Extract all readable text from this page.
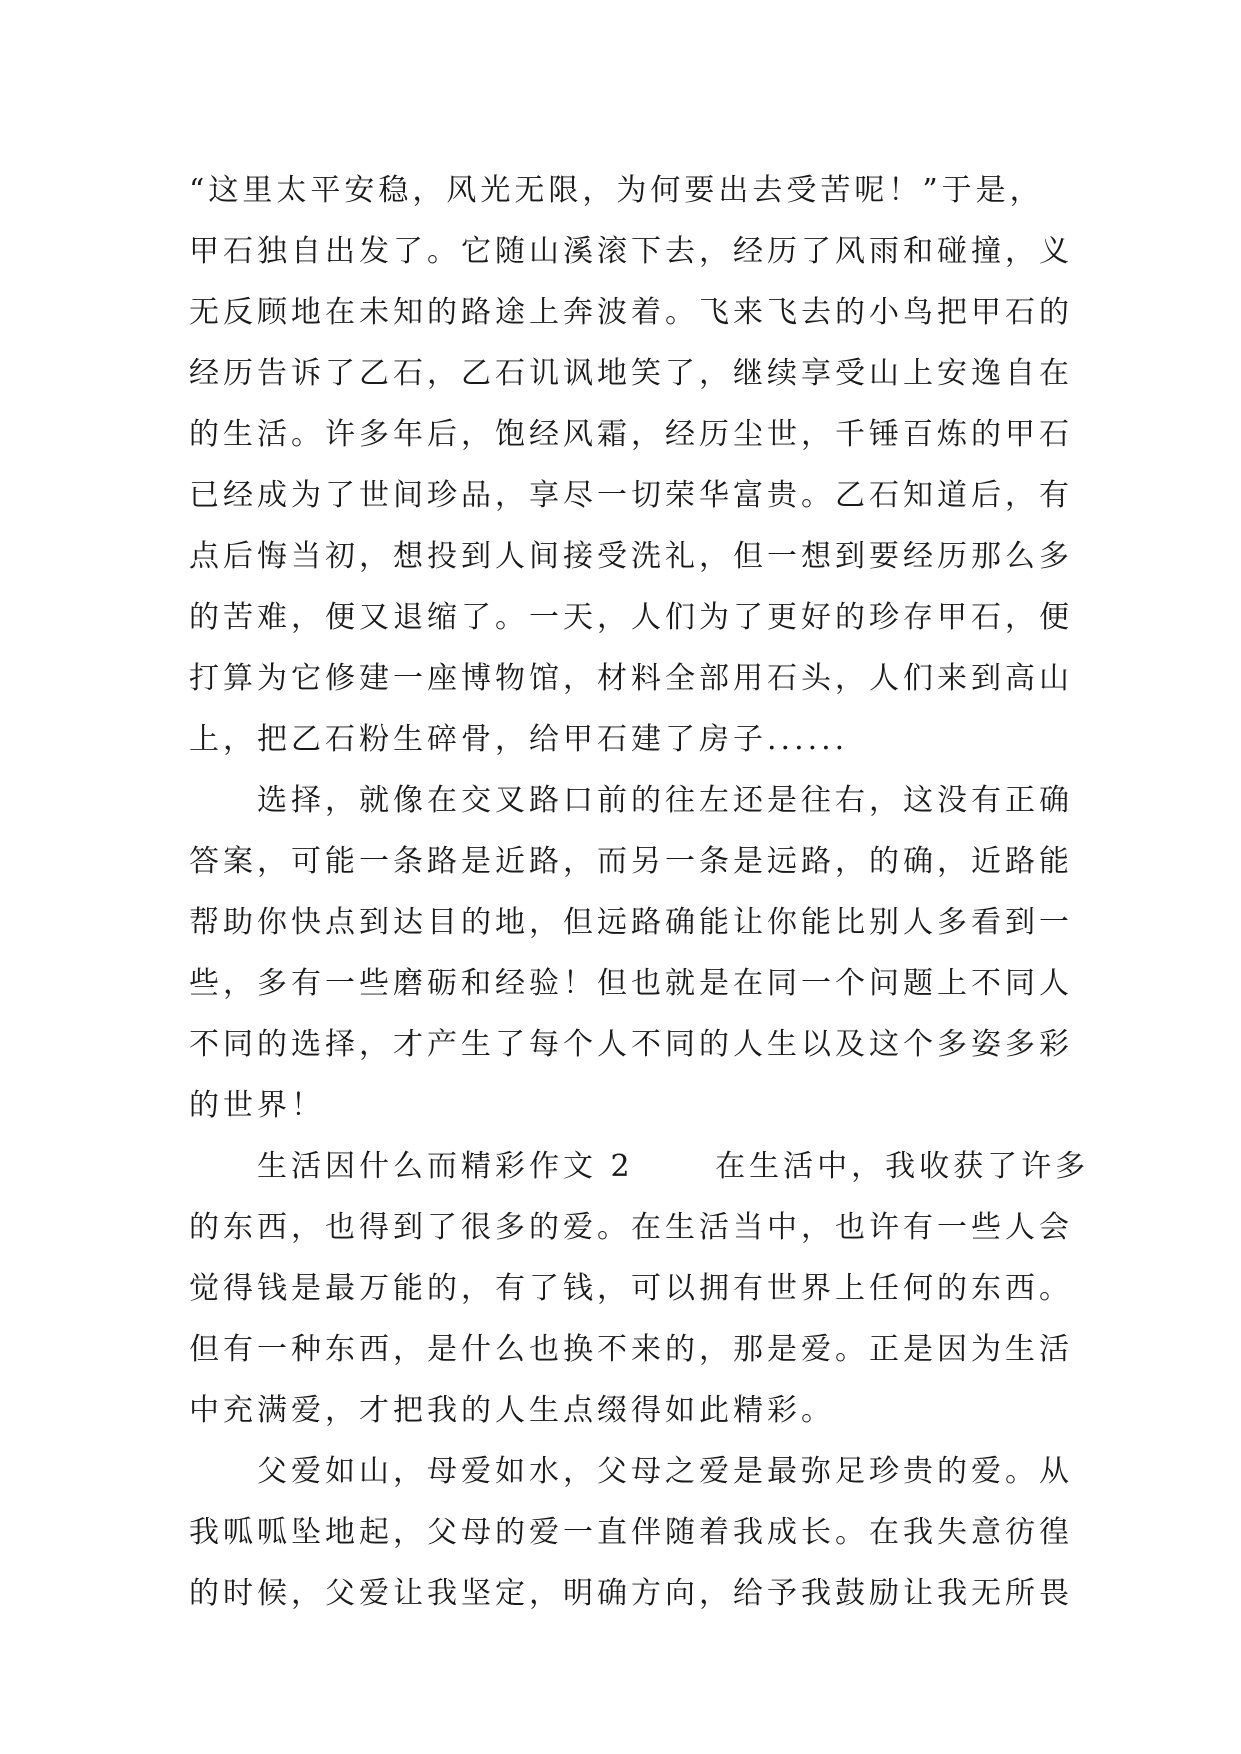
“这里太平安稳，风光无限，为何要出去受苦呢！”于是，
甲石独自出发了。它随山溪滚下去，经历了风雨和碰撞，义
无反顾地在未知的路途上奔波着。飞来飞去的小鸟把甲石的
经历告诉了乙石，乙石讥讽地笑了，继续享受山上安逸自在
的生活。许多年后，饱经风霜，经历尘世，千锤百炼的甲石
已经成为了世间珍品，享尽一切荣华富贵。乙石知道后，有
点后悔当初，想投到人间接受洗礼，但一想到要经历那么多
的苦难，便又退缩了。一天，人们为了更好的珍存甲石，便
打算为它修建一座博物馆，材料全部用石头，人们来到高山
上，把乙石粉生碎骨，给甲石建了房子......
　　选择，就像在交叉路口前的往左还是往右，这没有正确
答案，可能一条路是近路，而另一条是远路，的确，近路能
帮助你快点到达目的地，但远路确能让你能比别人多看到一
些，多有一些磨砺和经验！但也就是在同一个问题上不同人
不同的选择，才产生了每个人不同的人生以及这个多姿多彩
的世界！
　　生活因什么而精彩作文 2 　　在生活中，我收获了许多
的东西，也得到了很多的爱。在生活当中，也许有一些人会
觉得钱是最万能的，有了钱，可以拥有世界上任何的东西。
但有一种东西，是什么也换不来的，那是爱。正是因为生活
中充满爱，才把我的人生点缀得如此精彩。
　　父爱如山，母爱如水，父母之爱是最弥足珍贵的爱。从
我呱呱坠地起，父母的爱一直伴随着我成长。在我失意彷徨
的时候，父爱让我坚定，明确方向，给予我鼓励让我无所畏
